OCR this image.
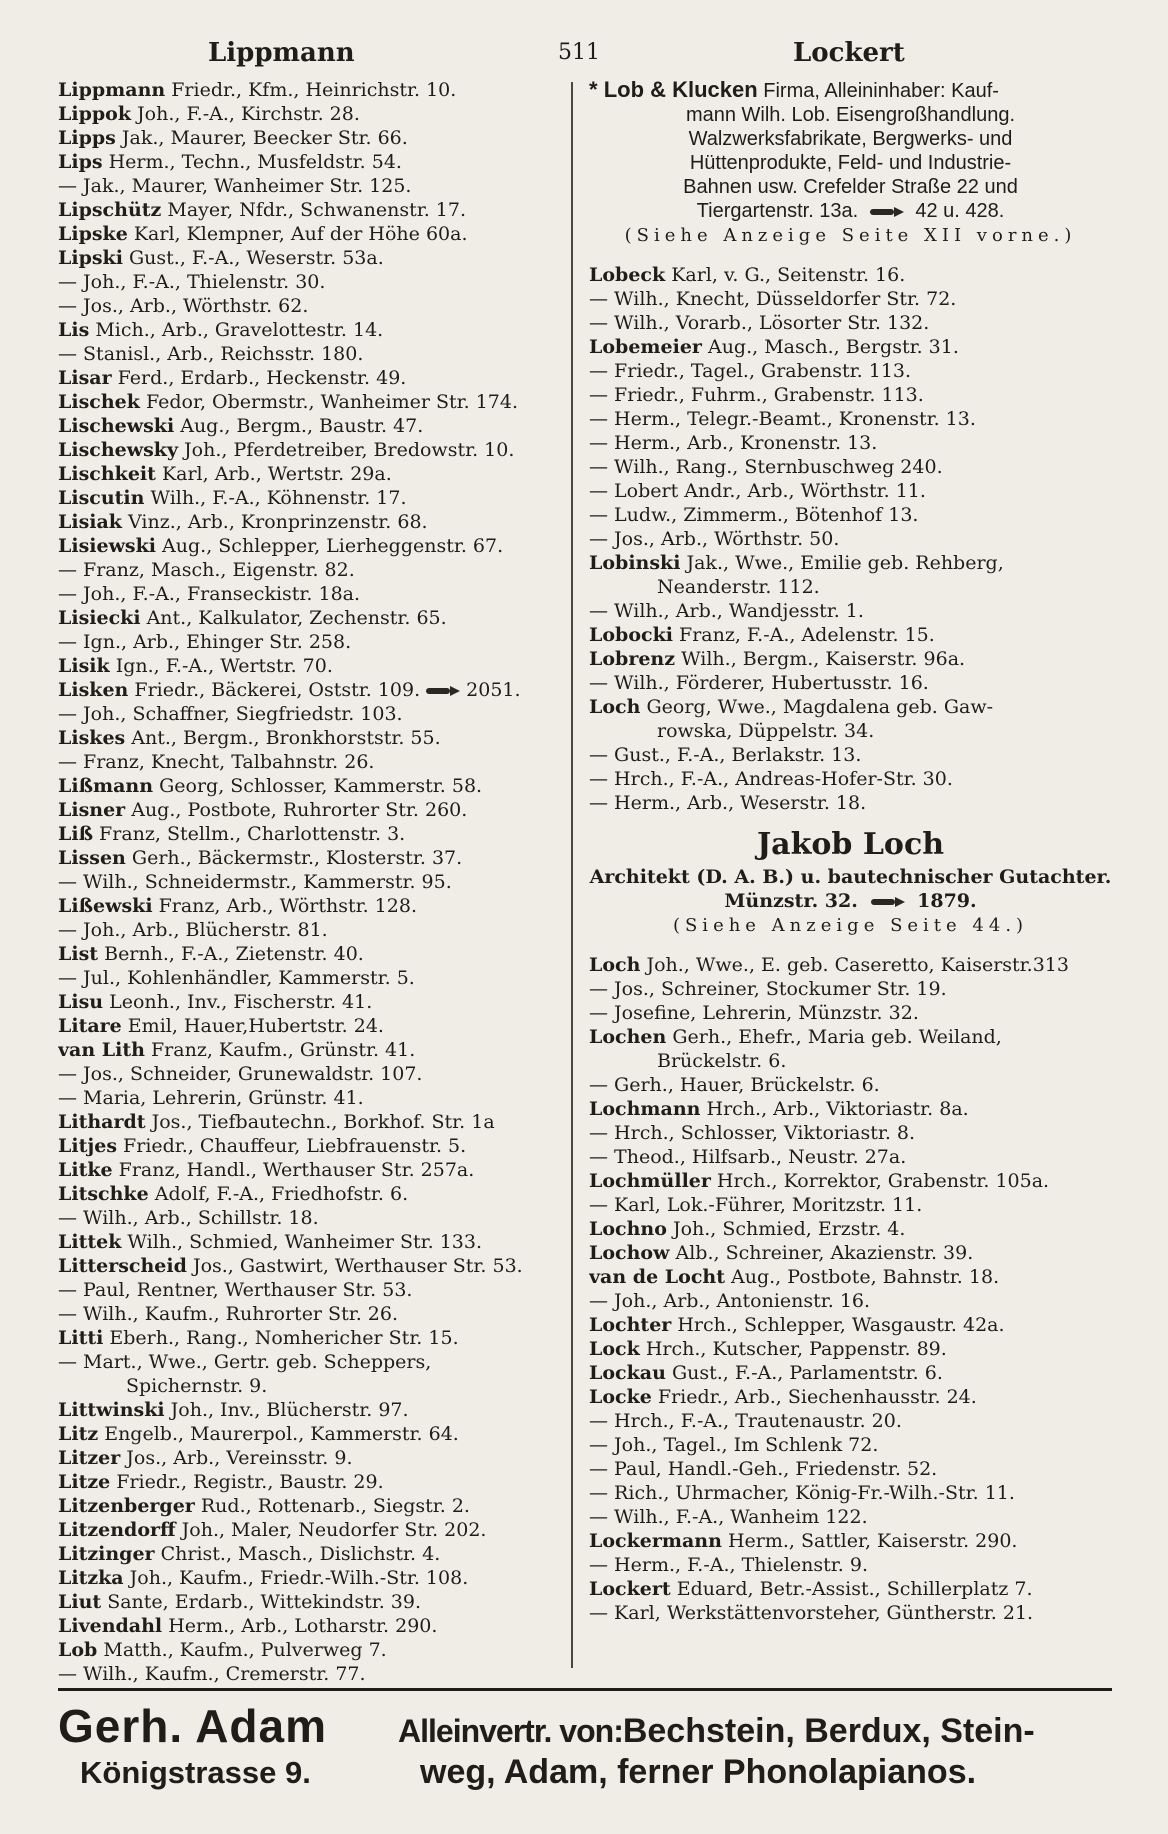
Lippmann	511	Lockert
Lippmann Friedr., Kfm., Heinrichstr. 10.
Lippok Joh., F.-A., Kirchstr. 28.
Lipps Jak., Maurer, Beecker Str. 66.
Lips Herm., Techn., Musfeldstr. 54.
— Jak., Maurer, Wanheimer Str. 125.
Lipschütz Mayer, Nfdr., Schwanenstr. 17.
Lipske Karl, Klempner, Auf der Höhe 60a.
Lipski Gust., F.-A., Weserstr. 53a.
— Joh., F.-A., Thielenstr. 30.
— Jos., Arb., Wörthstr. 62.
Lis Mich., Arb., Gravelottestr. 14.
— Stanisl., Arb., Reichsstr. 180.
Lisar Ferd., Erdarb., Heckenstr. 49.
Lischek Fedor, Obermstr., Wanheimer Str. 174.
Lischewski Aug., Bergm., Baustr. 47.
Lischewsky Joh., Pferdetreiber, Bredowstr. 10.
Lischkeit Karl, Arb., Wertstr. 29a.
Liscutin Wilh., F.-A., Köhnenstr. 17.
Lisiak Vinz., Arb., Kronprinzenstr. 68.
Lisiewski Aug., Schlepper, Lierheggenstr. 67.
— Franz, Masch., Eigenstr. 82.
— Joh., F.-A., Franseckistr. 18a.
Lisiecki Ant., Kalkulator, Zechenstr. 65.
— Ign., Arb., Ehinger Str. 258.
Lisik Ign., F.-A., Wertstr. 70.
Lisken Friedr., Bäckerei, Oststr. 109. 2051.
— Joh., Schaffner, Siegfriedstr. 103.
Liskes Ant., Bergm., Bronkhorststr. 55.
— Franz, Knecht, Talbahnstr. 26.
Lißmann Georg, Schlosser, Kammerstr. 58.
Lisner Aug., Postbote, Ruhrorter Str. 260.
Liß Franz, Stellm., Charlottenstr. 3.
Lissen Gerh., Bäckermstr., Klosterstr. 37.
— Wilh., Schneidermstr., Kammerstr. 95.
Lißewski Franz, Arb., Wörthstr. 128.
— Joh., Arb., Blücherstr. 81.
List Bernh., F.-A., Zietenstr. 40.
— Jul., Kohlenhändler, Kammerstr. 5.
Lisu Leonh., Inv., Fischerstr. 41.
Litare Emil, Hauer,Hubertstr. 24.
van Lith Franz, Kaufm., Grünstr. 41.
— Jos., Schneider, Grunewaldstr. 107.
— Maria, Lehrerin, Grünstr. 41.
Lithardt Jos., Tiefbautechn., Borkhof. Str. 1a
Litjes Friedr., Chauffeur, Liebfrauenstr. 5.
Litke Franz, Handl., Werthauser Str. 257a.
Litschke Adolf, F.-A., Friedhofstr. 6.
— Wilh., Arb., Schillstr. 18.
Littek Wilh., Schmied, Wanheimer Str. 133.
Litterscheid Jos., Gastwirt, Werthauser Str. 53.
— Paul, Rentner, Werthauser Str. 53.
— Wilh., Kaufm., Ruhrorter Str. 26.
Litti Eberh., Rang., Nomhericher Str. 15.
— Mart., Wwe., Gertr. geb. Scheppers,
Spichernstr. 9.
Littwinski Joh., Inv., Blücherstr. 97.
Litz Engelb., Maurerpol., Kammerstr. 64.
Litzer Jos., Arb., Vereinsstr. 9.
Litze Friedr., Registr., Baustr. 29.
Litzenberger Rud., Rottenarb., Siegstr. 2.
Litzendorff Joh., Maler, Neudorfer Str. 202.
Litzinger Christ., Masch., Dislichstr. 4.
Litzka Joh., Kaufm., Friedr.-Wilh.-Str. 108.
Liut Sante, Erdarb., Wittekindstr. 39.
Livendahl Herm., Arb., Lotharstr. 290.
Lob Matth., Kaufm., Pulverweg 7.
— Wilh., Kaufm., Cremerstr. 77.
* Lob & Klucken Firma, Alleininhaber: Kauf-
mann Wilh. Lob. Eisengroßhandlung.
Walzwerksfabrikate, Bergwerks- und
Hüttenprodukte, Feld- und Industrie-
Bahnen usw. Crefelder Straße 22 und
Tiergartenstr. 13a.	42 u. 428.
(Siehe Anzeige Seite XII vorne.)
Lobeck Karl, v. G., Seitenstr. 16.
— Wilh., Knecht, Düsseldorfer Str. 72.
— Wilh., Vorarb., Lösorter Str. 132.
Lobemeier Aug., Masch., Bergstr. 31.
— Friedr., Tagel., Grabenstr. 113.
— Friedr., Fuhrm., Grabenstr. 113.
— Herm., Telegr.-Beamt., Kronenstr. 13.
— Herm., Arb., Kronenstr. 13.
— Wilh., Rang., Sternbuschweg 240.
— Lobert Andr., Arb., Wörthstr. 11.
— Ludw., Zimmerm., Bötenhof 13.
— Jos., Arb., Wörthstr. 50.
Lobinski Jak., Wwe., Emilie geb. Rehberg,
Neanderstr. 112.
— Wilh., Arb., Wandjesstr. 1.
Lobocki Franz, F.-A., Adelenstr. 15.
Lobrenz Wilh., Bergm., Kaiserstr. 96a.
— Wilh., Förderer, Hubertusstr. 16.
Loch Georg, Wwe., Magdalena geb. Gaw-
rowska, Düppelstr. 34.
— Gust., F.-A., Berlakstr. 13.
— Hrch., F.-A., Andreas-Hofer-Str. 30.
— Herm., Arb., Weserstr. 18.
Jakob Loch
Architekt (D. A. B.) u. bautechnischer Gutachter.
Münzstr. 32.	1879.
(Siehe Anzeige Seite 44.)
Loch Joh., Wwe., E. geb. Caseretto, Kaiserstr.313
— Jos., Schreiner, Stockumer Str. 19.
— Josefine, Lehrerin, Münzstr. 32.
Lochen Gerh., Ehefr., Maria geb. Weiland,
Brückelstr. 6.
— Gerh., Hauer, Brückelstr. 6.
Lochmann Hrch., Arb., Viktoriastr. 8a.
— Hrch., Schlosser, Viktoriastr. 8.
— Theod., Hilfsarb., Neustr. 27a.
Lochmüller Hrch., Korrektor, Grabenstr. 105a.
— Karl, Lok.-Führer, Moritzstr. 11.
Lochno Joh., Schmied, Erzstr. 4.
Lochow Alb., Schreiner, Akazienstr. 39.
van de Locht Aug., Postbote, Bahnstr. 18.
— Joh., Arb., Antonienstr. 16.
Lochter Hrch., Schlepper, Wasgaustr. 42a.
Lock Hrch., Kutscher, Pappenstr. 89.
Lockau Gust., F.-A., Parlamentstr. 6.
Locke Friedr., Arb., Siechenhausstr. 24.
— Hrch., F.-A., Trautenaustr. 20.
— Joh., Tagel., Im Schlenk 72.
— Paul, Handl.-Geh., Friedenstr. 52.
— Rich., Uhrmacher, König-Fr.-Wilh.-Str. 11.
— Wilh., F.-A., Wanheim 122.
Lockermann Herm., Sattler, Kaiserstr. 290.
— Herm., F.-A., Thielenstr. 9.
Lockert Eduard, Betr.-Assist., Schillerplatz 7.
— Karl, Werkstättenvorsteher, Güntherstr. 21.
Gerh. Adam	Alleinvertr. von: Bechstein, Berdux, Stein-
Königstrasse 9.	weg, Adam, ferner Phonolapianos.
